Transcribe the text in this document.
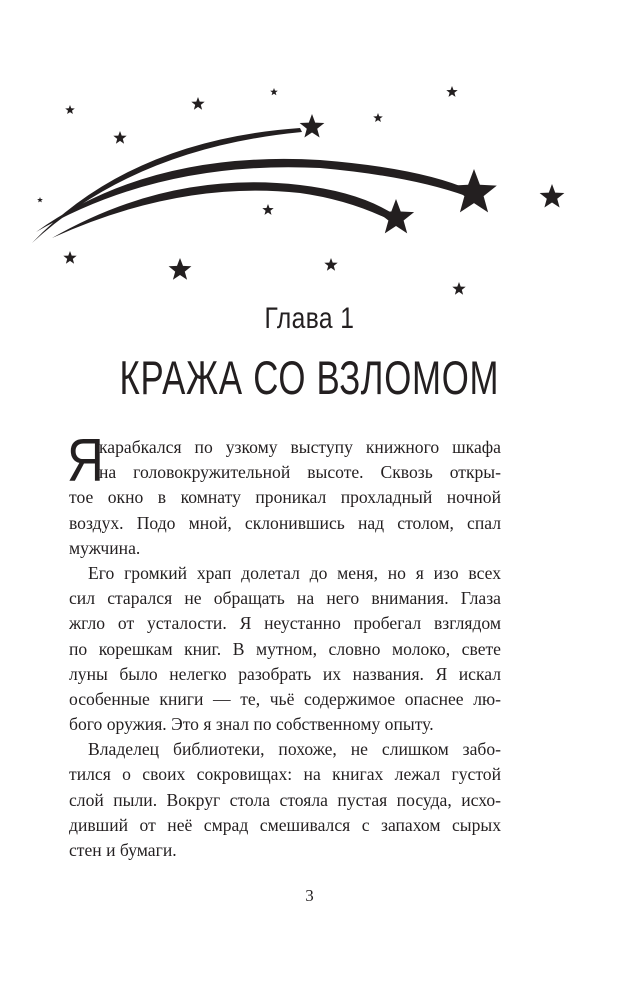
Глава 1
КРАЖА СО ВЗЛОМОМ
Я
карабкался по узкому выступу книжного шкафа
на головокружительной высоте. Сквозь откры-
тое окно в комнату проникал прохладный ночной
воздух. Подо мной, склонившись над столом, спал
мужчина.
Его громкий храп долетал до меня, но я изо всех
сил старался не обращать на него внимания. Глаза
жгло от усталости. Я неустанно пробегал взглядом
по корешкам книг. В мутном, словно молоко, свете
луны было нелегко разобрать их названия. Я искал
особенные книги — те, чьё содержимое опаснее лю-
бого оружия. Это я знал по собственному опыту.
Владелец библиотеки, похоже, не слишком забо-
тился о своих сокровищах: на книгах лежал густой
слой пыли. Вокруг стола стояла пустая посуда, исхо-
дивший от неё смрад смешивался с запахом сырых
стен и бумаги.
3
